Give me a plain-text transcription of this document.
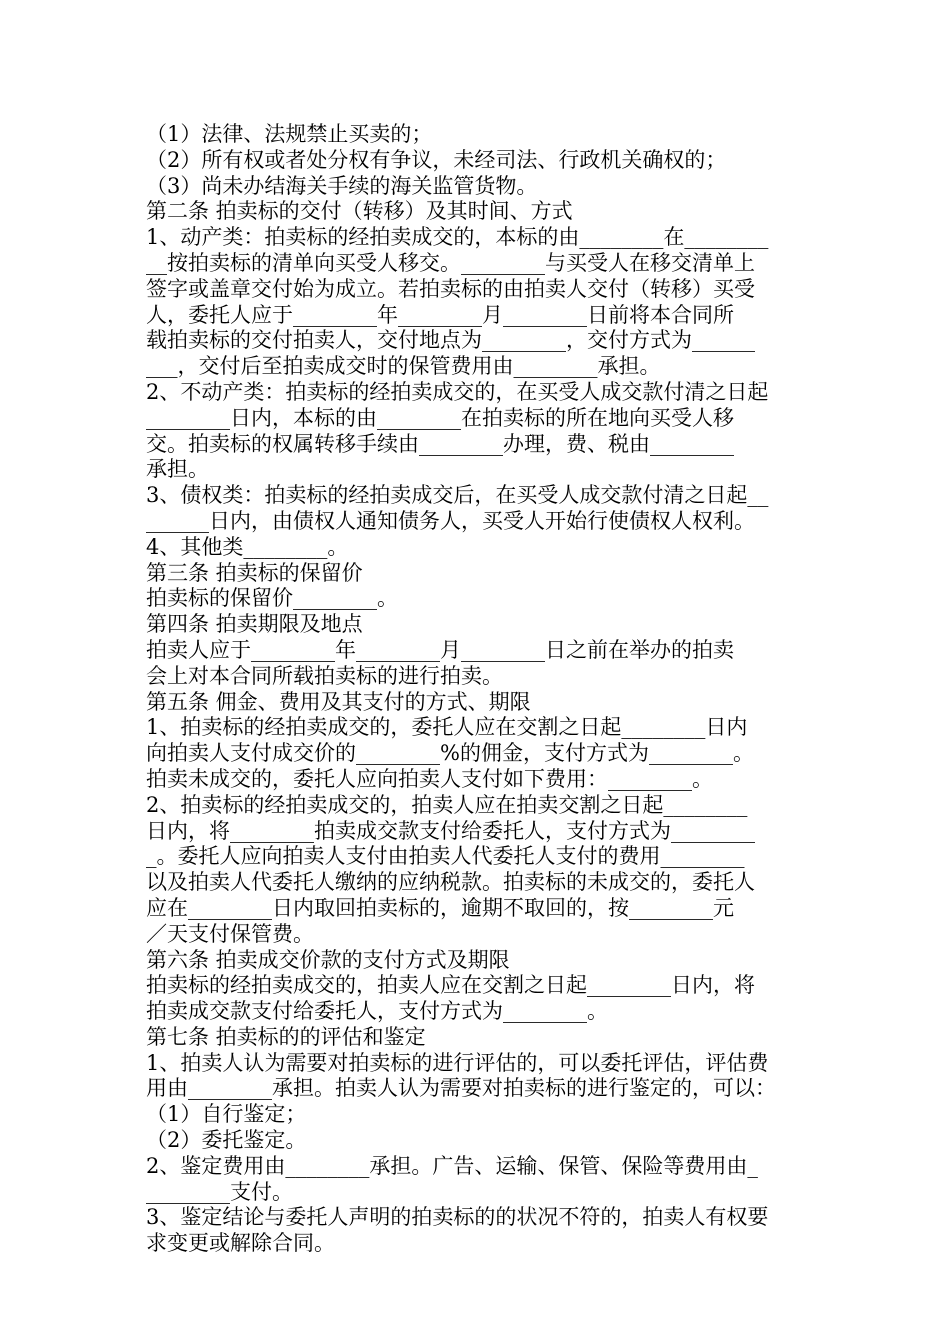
（1）法律、法规禁止买卖的；
（2）所有权或者处分权有争议，未经司法、行政机关确权的；
（3）尚未办结海关手续的海关监管货物。
第二条 拍卖标的交付（转移）及其时间、方式
1、动产类：拍卖标的经拍卖成交的，本标的由________在________
__按拍卖标的清单向买受人移交。________与买受人在移交清单上
签字或盖章交付始为成立。若拍卖标的由拍卖人交付（转移）买受
人，委托人应于________年________月________日前将本合同所
载拍卖标的交付拍卖人，交付地点为________，交付方式为______
___，交付后至拍卖成交时的保管费用由________承担。
2、不动产类：拍卖标的经拍卖成交的，在买受人成交款付清之日起
________日内，本标的由________在拍卖标的所在地向买受人移
交。拍卖标的权属转移手续由________办理，费、税由________
承担。
3、债权类：拍卖标的经拍卖成交后，在买受人成交款付清之日起__
______日内，由债权人通知债务人，买受人开始行使债权人权利。
4、其他类________。
第三条 拍卖标的保留价
拍卖标的保留价________。
第四条 拍卖期限及地点
拍卖人应于________年________月________日之前在举办的拍卖
会上对本合同所载拍卖标的进行拍卖。
第五条 佣金、费用及其支付的方式、期限
1、拍卖标的经拍卖成交的，委托人应在交割之日起________日内
向拍卖人支付成交价的________%的佣金，支付方式为________。
拍卖未成交的，委托人应向拍卖人支付如下费用：________。
2、拍卖标的经拍卖成交的，拍卖人应在拍卖交割之日起________
日内，将________拍卖成交款支付给委托人，支付方式为________
_。委托人应向拍卖人支付由拍卖人代委托人支付的费用________
以及拍卖人代委托人缴纳的应纳税款。拍卖标的未成交的，委托人
应在________日内取回拍卖标的，逾期不取回的，按________元
／天支付保管费。
第六条 拍卖成交价款的支付方式及期限
拍卖标的经拍卖成交的，拍卖人应在交割之日起________日内，将
拍卖成交款支付给委托人，支付方式为________。
第七条 拍卖标的的评估和鉴定
1、拍卖人认为需要对拍卖标的进行评估的，可以委托评估，评估费
用由________承担。拍卖人认为需要对拍卖标的进行鉴定的，可以：
（1）自行鉴定；
（2）委托鉴定。
2、鉴定费用由________承担。广告、运输、保管、保险等费用由_
________支付。
3、鉴定结论与委托人声明的拍卖标的的状况不符的，拍卖人有权要
求变更或解除合同。
